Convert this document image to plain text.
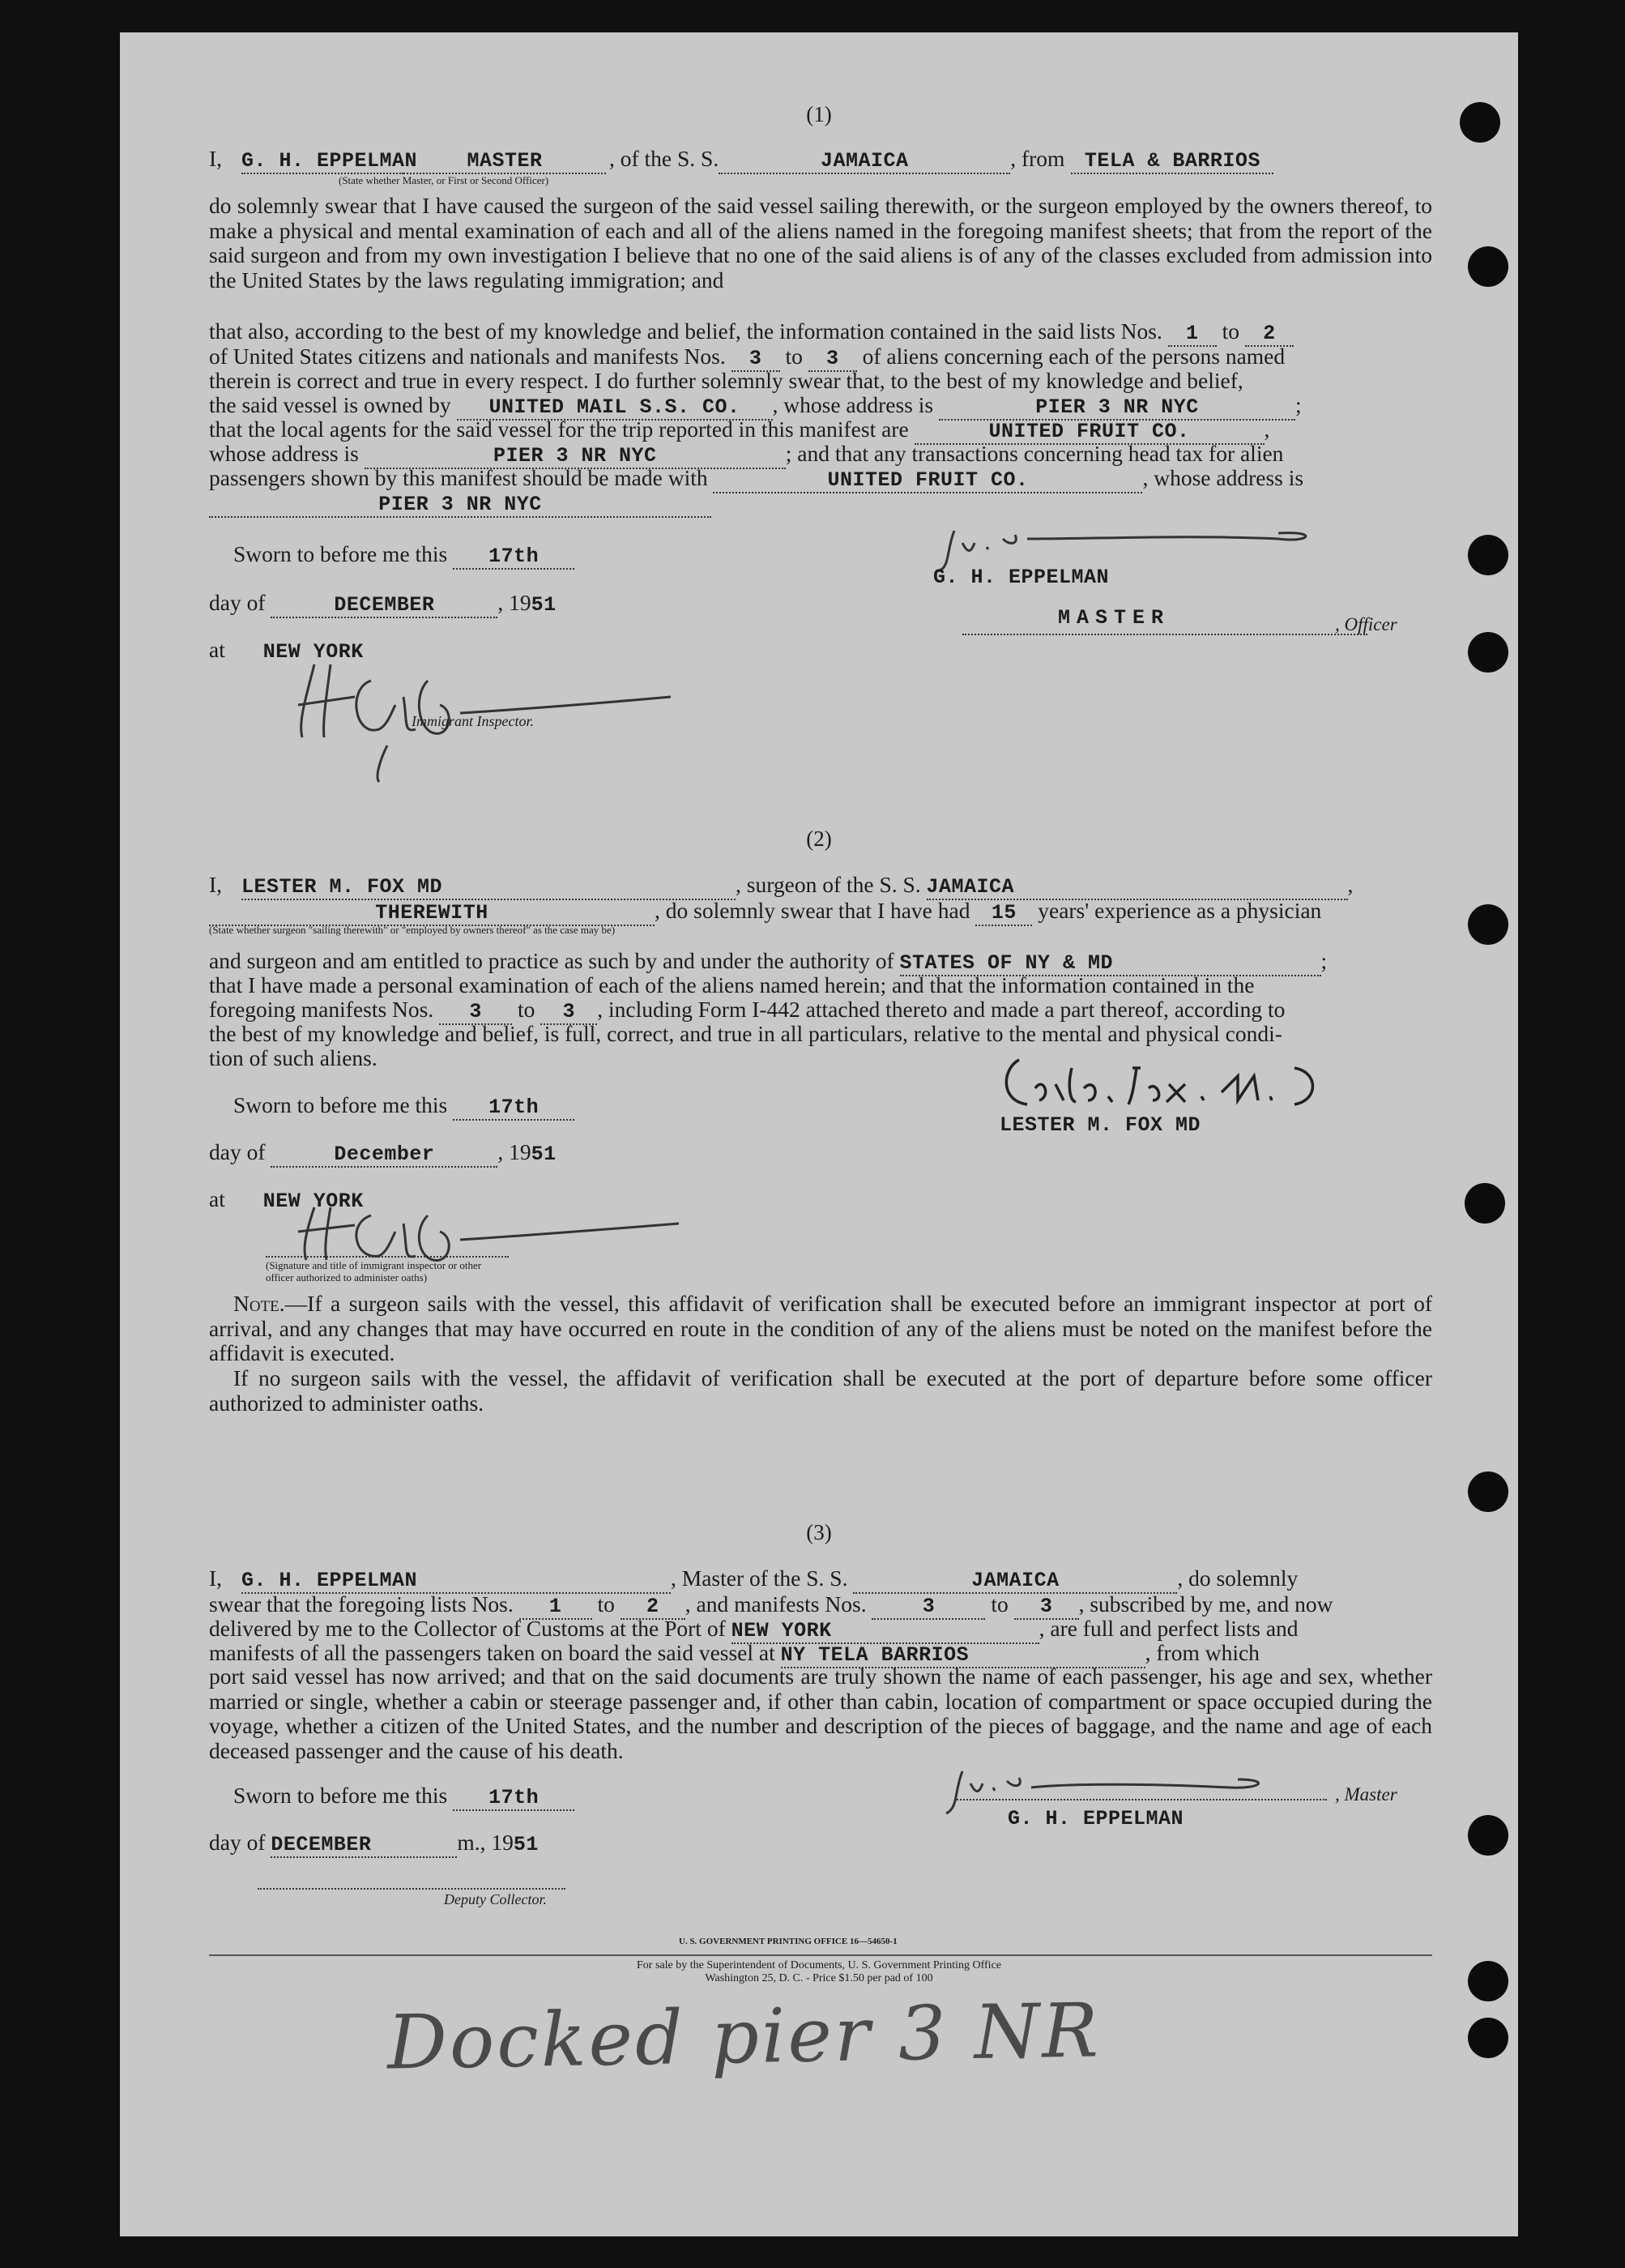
(1)
I, G. H. EPPELMAN MASTER	, of the S. S.	JAMAICA	, from TELA & BARRIOS
(State whether Master, or First or Second Officer)
do solemnly swear that I have caused the surgeon of the said vessel sailing therewith, or the surgeon employed by the owners thereof, to make a physical and mental examination of each and all of the aliens named in the foregoing manifest sheets; that from the report of the said surgeon and from my own investigation I believe that no one of the said aliens is of any of the classes excluded from admission into the United States by the laws regulating immigration; and
that also, according to the best of my knowledge and belief, the information contained in the said lists Nos. 1 to 2
of United States citizens and nationals and manifests Nos. 3 to 3 of aliens concerning each of the persons named
therein is correct and true in every respect. I do further solemnly swear that, to the best of my knowledge and belief,
the said vessel is owned by UNITED MAIL S.S. CO. , whose address is	PIER 3 NR NYC	;
that the local agents for the said vessel for the trip reported in this manifest are	UNITED FRUIT CO.	,
whose address is	PIER 3 NR NYC	; and that any transactions concerning head tax for alien
passengers shown by this manifest should be made with	UNITED FRUIT CO.	, whose address is
PIER 3 NR NYC
Sworn to before me this 17th
day of	DECEMBER	, 1951
at NEW YORK
Immigrant Inspector.
G. H. EPPELMAN
MASTER	, Officer
(2)
I, LESTER M. FOX MD	, surgeon of the S. S. JAMAICA	,
THEREWITH	, do solemnly swear that I have had 15 years' experience as a physician
(State whether surgeon "sailing therewith" or "employed by owners thereof" as the case may be)
and surgeon and am entitled to practice as such by and under the authority of STATES OF NY & MD	;
that I have made a personal examination of each of the aliens named herein; and that the information contained in the
foregoing manifests Nos. 3 to 3 , including Form I-442 attached thereto and made a part thereof, according to
the best of my knowledge and belief, is full, correct, and true in all particulars, relative to the mental and physical condi-
tion of such aliens.
Sworn to before me this 17th
day of	December	, 1951
at NEW YORK
(Signature and title of immigrant inspector or other officer authorized to administer oaths)
LESTER M. FOX MD
Note.—If a surgeon sails with the vessel, this affidavit of verification shall be executed before an immigrant inspector at port of arrival, and any changes that may have occurred en route in the condition of any of the aliens must be noted on the manifest before the affidavit is executed.
If no surgeon sails with the vessel, the affidavit of verification shall be executed at the port of departure before some officer authorized to administer oaths.
(3)
I, G. H. EPPELMAN	, Master of the S. S.	JAMAICA	, do solemnly
swear that the foregoing lists Nos. 1 to 2 , and manifests Nos.	3	to 3 , subscribed by me, and now
delivered by me to the Collector of Customs at the Port of NEW YORK	, are full and perfect lists and
manifests of all the passengers taken on board the said vessel at NY TELA BARRIOS	, from which
port said vessel has now arrived; and that on the said documents are truly shown the name of each passenger, his age and sex, whether married or single, whether a cabin or steerage passenger and, if other than cabin, location of compartment or space occupied during the voyage, whether a citizen of the United States, and the number and description of the pieces of baggage, and the name and age of each deceased passenger and the cause of his death.
Sworn to before me this 17th
day of DECEMBER	m., 1951
Deputy Collector.
G. H. EPPELMAN
, Master
U. S. GOVERNMENT PRINTING OFFICE 16—54650-1
For sale by the Superintendent of Documents, U. S. Government Printing Office
Washington 25, D. C. - Price $1.50 per pad of 100
Docked pier 3 NR
